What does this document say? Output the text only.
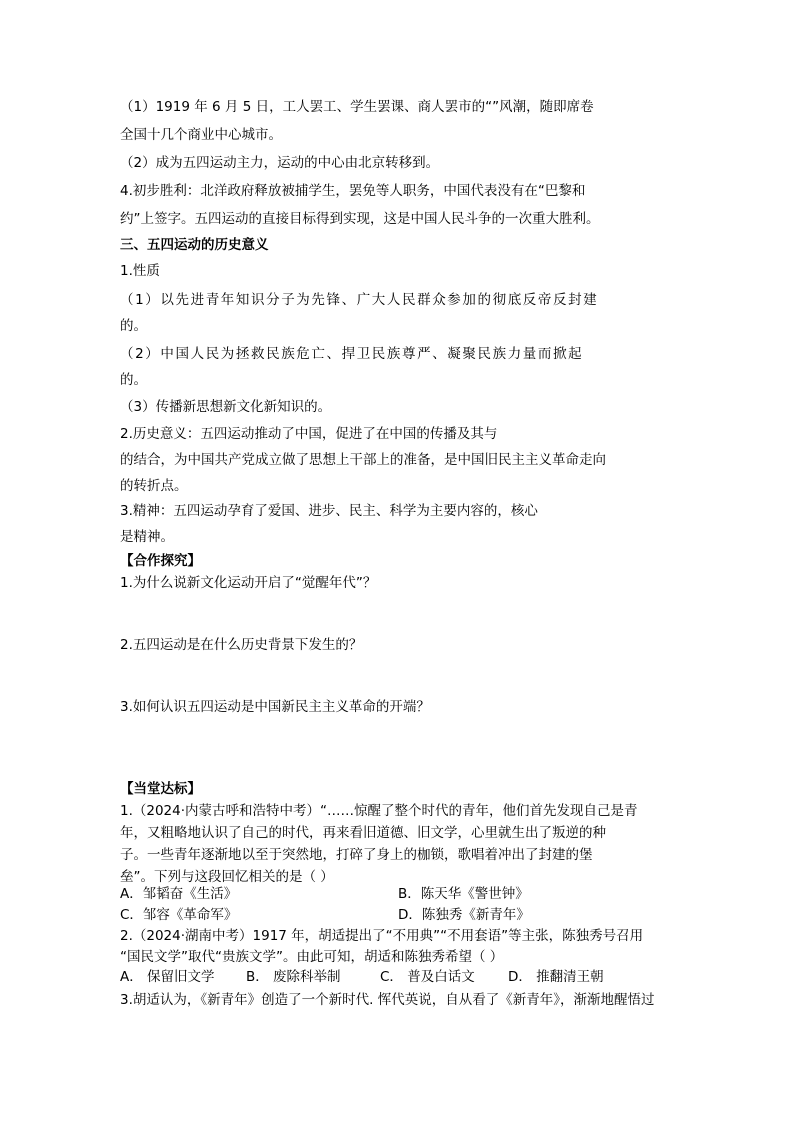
（1）1919 年 6 月 5 日，工人罢工、学生罢课、商人罢市的“”风潮，随即席卷
全国十几个商业中心城市。
（2）成为五四运动主力，运动的中心由北京转移到。
4.初步胜利：北洋政府释放被捕学生，罢免等人职务，中国代表没有在“巴黎和
约”上签字。五四运动的直接目标得到实现，这是中国人民斗争的一次重大胜利。
三、五四运动的历史意义
1.性质
（1）以先进青年知识分子为先锋、广大人民群众参加的彻底反帝反封建
的。
（2）中国人民为拯救民族危亡、捍卫民族尊严、凝聚民族力量而掀起
的。
（3）传播新思想新文化新知识的。
2.历史意义：五四运动推动了中国，促进了在中国的传播及其与
的结合，为中国共产党成立做了思想上干部上的准备，是中国旧民主主义革命走向
的转折点。
3.精神：五四运动孕育了爱国、进步、民主、科学为主要内容的，核心
是精神。
【合作探究】
1.为什么说新文化运动开启了“觉醒年代”？
2.五四运动是在什么历史背景下发生的？
3.如何认识五四运动是中国新民主主义革命的开端？
【当堂达标】
1.（2024·内蒙古呼和浩特中考）“……惊醒了整个时代的青年，他们首先发现自己是青
年，又粗略地认识了自己的时代，再来看旧道德、旧文学，心里就生出了叛逆的种
子。一些青年逐渐地以至于突然地，打碎了身上的枷锁，歌唱着冲出了封建的堡
垒”。下列与这段回忆相关的是（ ）
A．邹韬奋《生活》	B．陈天华《警世钟》
C．邹容《革命军》	D．陈独秀《新青年》
2.（2024·湖南中考）1917 年，胡适提出了“不用典”“不用套语”等主张，陈独秀号召用
“国民文学”取代“贵族文学”。由此可知，胡适和陈独秀希望（ ）
A． 保留旧文学 B． 废除科举制	C． 普及白话文 D． 推翻清王朝
3.胡适认为，《新青年》创造了一个新时代. 恽代英说，自从看了《新青年》，渐渐地醒悟过
